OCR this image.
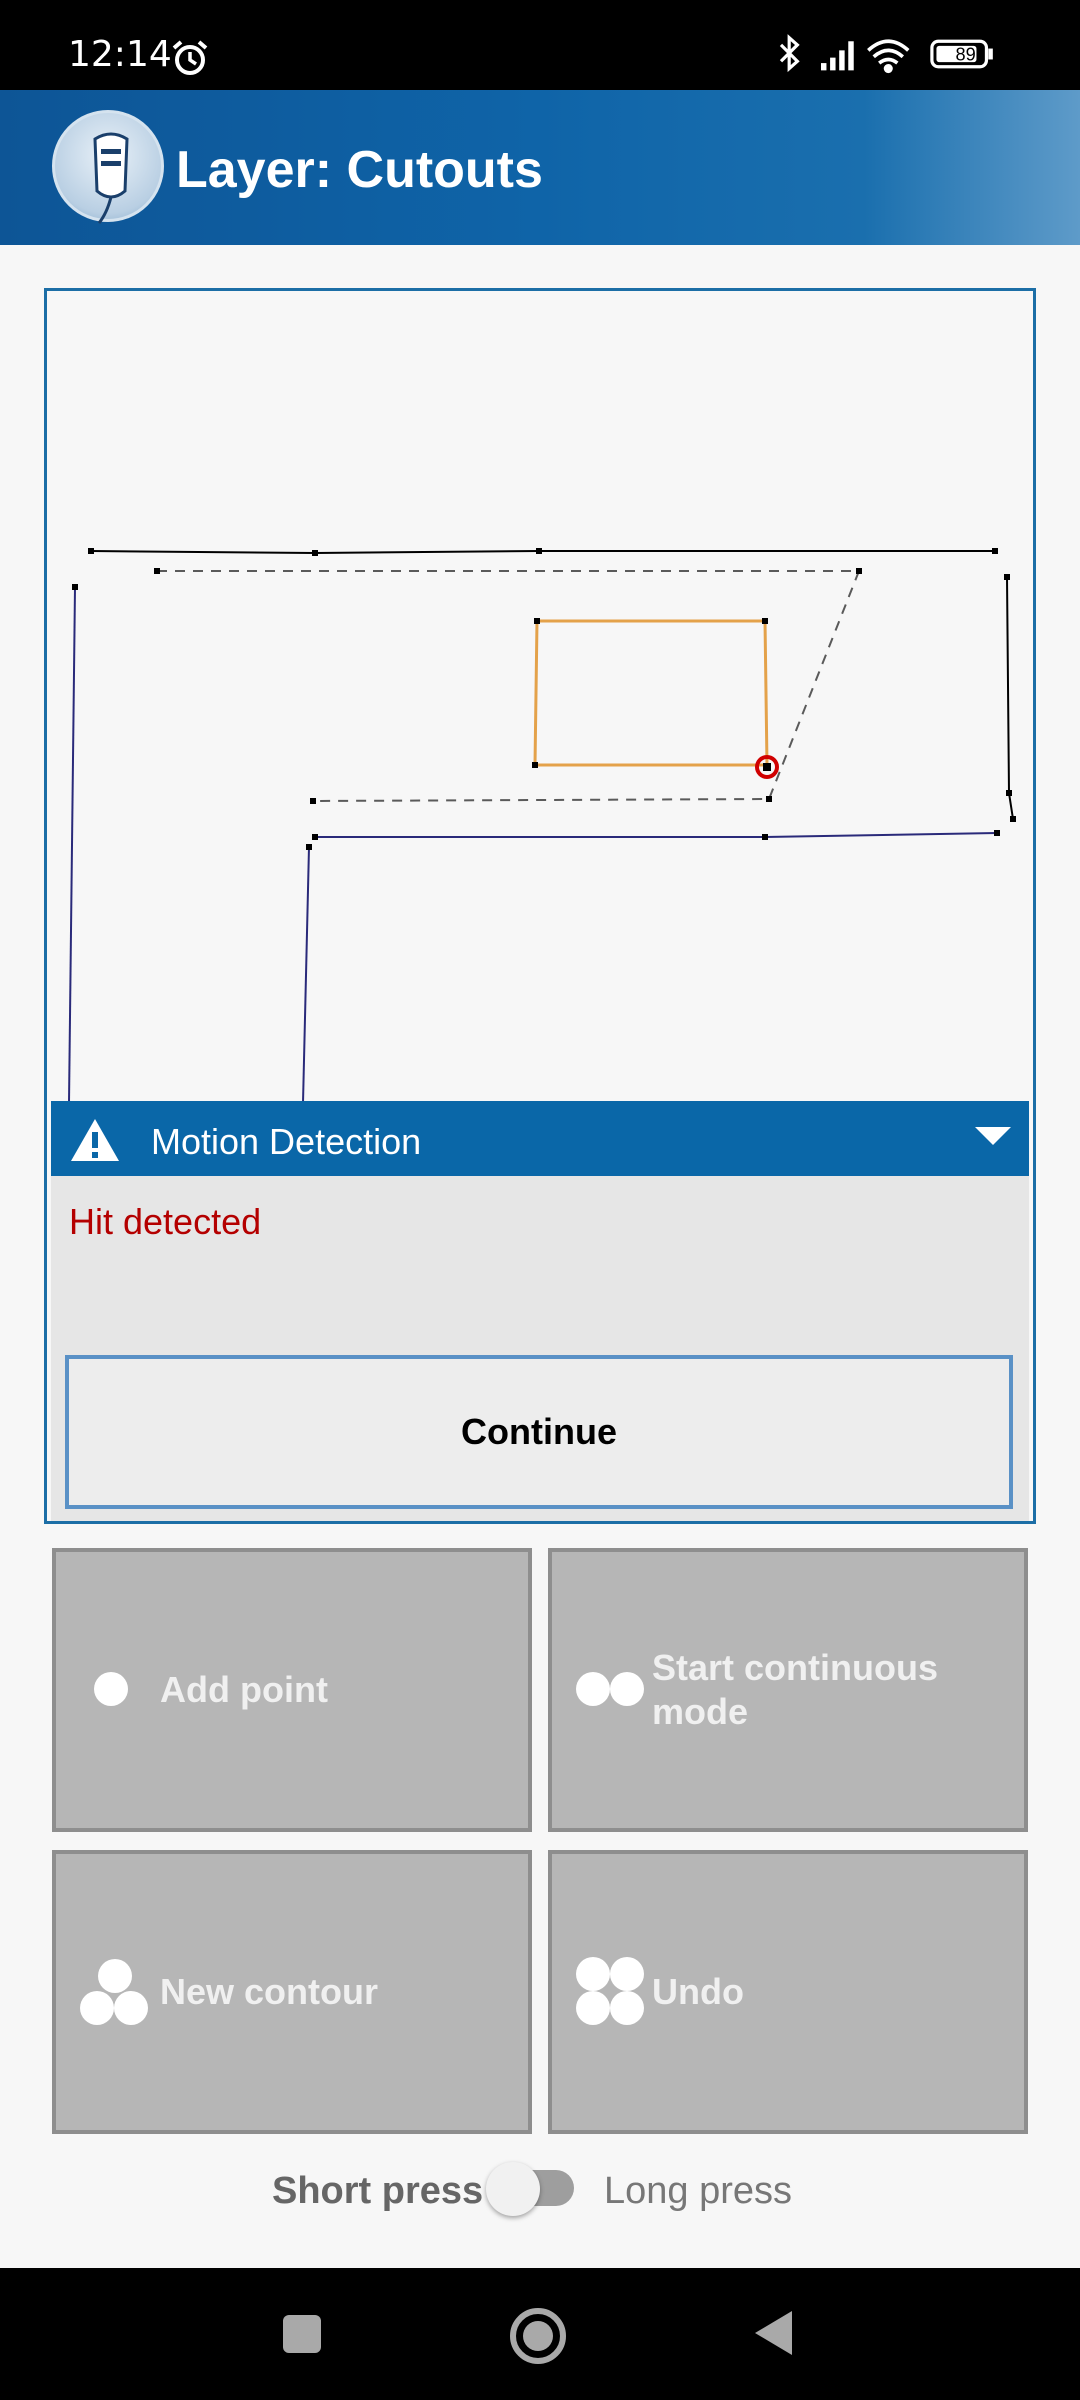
12:14	89
Layer: Cutouts
Motion Detection
Hit detected
Continue
Add point
Start continuous
mode
New contour	Undo
Short press	Long press
